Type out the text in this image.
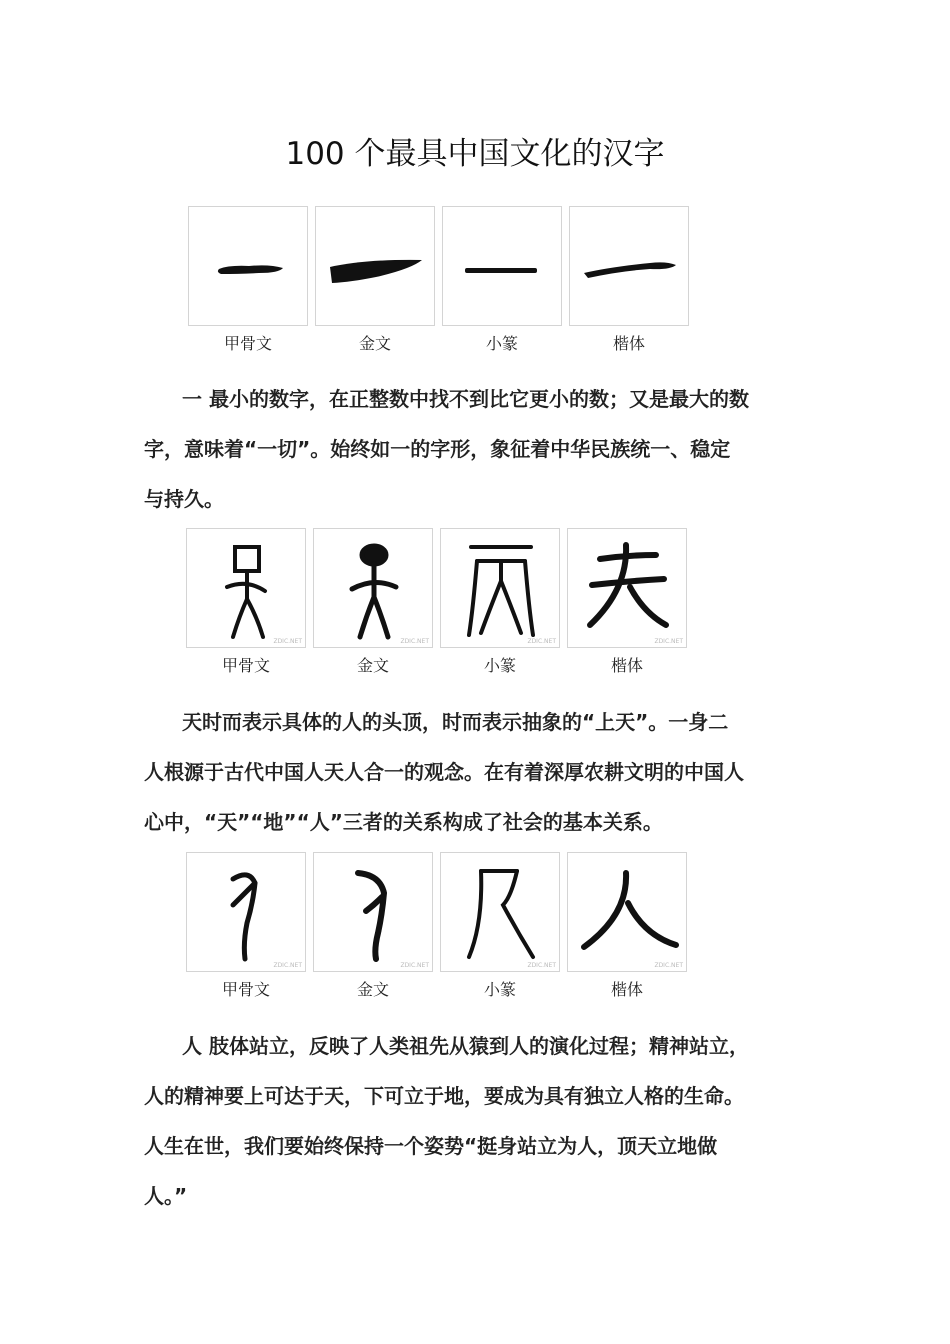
100 个最具中国文化的汉字
甲骨文	金文	小篆	楷体
一 最小的数字，在正整数中找不到比它更小的数；又是最大的数
字，意味着“一切”。始终如一的字形，象征着中华民族统一、稳定
与持久。
ZDIC.NET	ZDIC.NET	ZDIC.NET	ZDIC.NET
甲骨文	金文	小篆	楷体
天时而表示具体的人的头顶，时而表示抽象的“上天”。一身二
人根源于古代中国人天人合一的观念。在有着深厚农耕文明的中国人
心中，“天”“地”“人”三者的关系构成了社会的基本关系。
ZDIC.NET	ZDIC.NET	ZDIC.NET	ZDIC.NET
甲骨文	金文	小篆	楷体
人 肢体站立，反映了人类祖先从猿到人的演化过程；精神站立，
人的精神要上可达于天，下可立于地，要成为具有独立人格的生命。
人生在世，我们要始终保持一个姿势“挺身站立为人，顶天立地做
人。”
